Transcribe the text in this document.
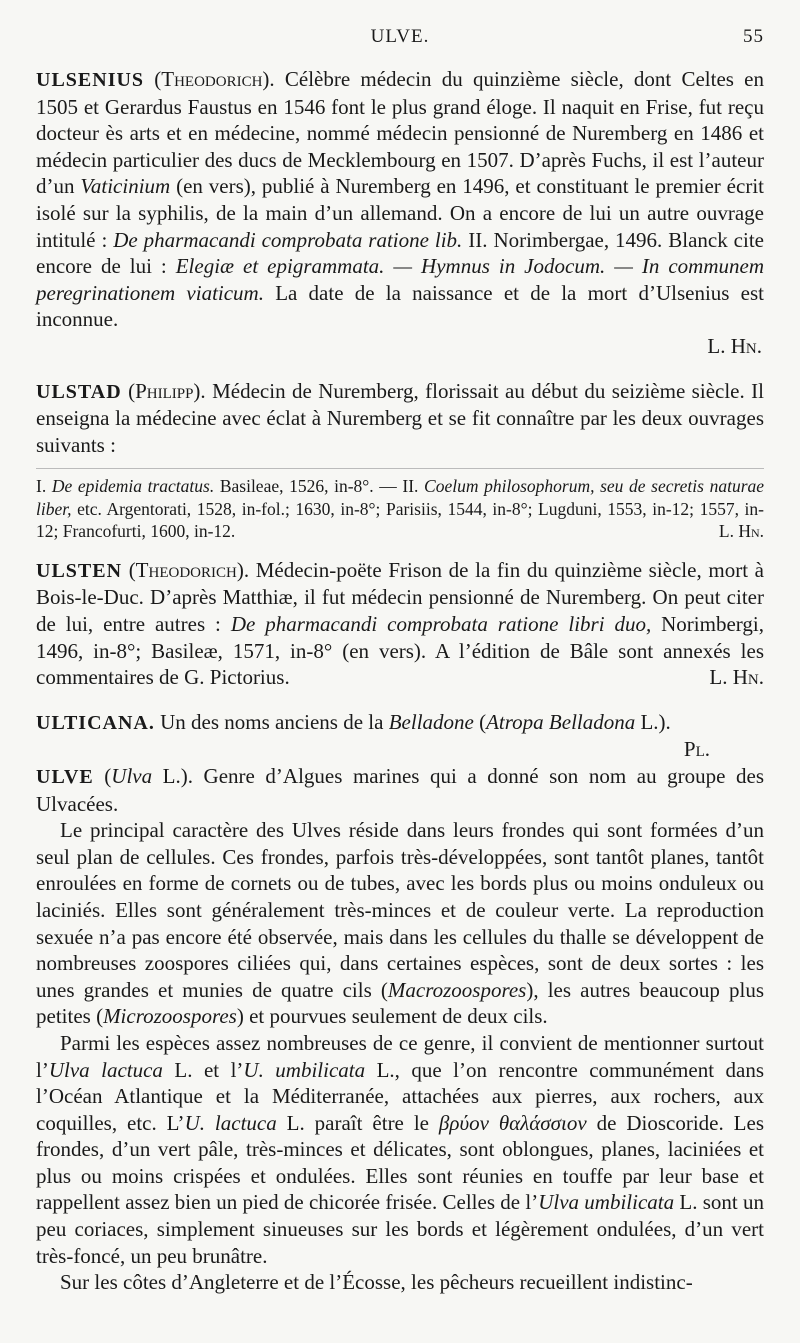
ULVE.	55

ULSENIUS (Theodorich). Célèbre médecin du quinzième siècle, dont Celtes en 1505 et Gerardus Faustus en 1546 font le plus grand éloge. Il naquit en Frise, fut reçu docteur ès arts et en médecine, nommé médecin pensionné de Nuremberg en 1486 et médecin particulier des ducs de Mecklembourg en 1507. D’après Fuchs, il est l’auteur d’un Vaticinium (en vers), publié à Nuremberg en 1496, et constituant le premier écrit isolé sur la syphilis, de la main d’un allemand. On a encore de lui un autre ouvrage intitulé : De pharmacandi comprobata ratione lib. II. Norimbergae, 1496. Blanck cite encore de lui : Elegiæ et epigrammata. — Hymnus in Jodocum. — In communem peregrinationem viaticum. La date de la naissance et de la mort d’Ulsenius est inconnue.

L. Hn.

ULSTAD (Philipp). Médecin de Nuremberg, florissait au début du seizième siècle. Il enseigna la médecine avec éclat à Nuremberg et se fit connaître par les deux ouvrages suivants :

I. De epidemia tractatus. Basileae, 1526, in-8°. — II. Coelum philosophorum, seu de secretis naturae liber, etc. Argentorati, 1528, in-fol.; 1630, in-8°; Parisiis, 1544, in-8°; Lugduni, 1553, in-12; 1557, in-12; Francofurti, 1600, in-12.	L. Hn.

ULSTEN (Theodorich). Médecin-poëte Frison de la fin du quinzième siècle, mort à Bois-le-Duc. D’après Matthiæ, il fut médecin pensionné de Nuremberg. On peut citer de lui, entre autres : De pharmacandi comprobata ratione libri duo, Norimbergi, 1496, in-8°; Basileæ, 1571, in-8° (en vers). A l’édition de Bâle sont annexés les commentaires de G. Pictorius.	L. Hn.

ULTICANA. Un des noms anciens de la Belladone (Atropa Belladona L.).

Pl.

ULVE (Ulva L.). Genre d’Algues marines qui a donné son nom au groupe des Ulvacées.

Le principal caractère des Ulves réside dans leurs frondes qui sont formées d’un seul plan de cellules. Ces frondes, parfois très-développées, sont tantôt planes, tantôt enroulées en forme de cornets ou de tubes, avec les bords plus ou moins onduleux ou laciniés. Elles sont généralement très-minces et de couleur verte. La reproduction sexuée n’a pas encore été observée, mais dans les cellules du thalle se développent de nombreuses zoospores ciliées qui, dans certaines espèces, sont de deux sortes : les unes grandes et munies de quatre cils (Macrozoospores), les autres beaucoup plus petites (Microzoospores) et pourvues seulement de deux cils.

Parmi les espèces assez nombreuses de ce genre, il convient de mentionner surtout l’Ulva lactuca L. et l’U. umbilicata L., que l’on rencontre communément dans l’Océan Atlantique et la Méditerranée, attachées aux pierres, aux rochers, aux coquilles, etc. L’U. lactuca L. paraît être le βρύον θαλάσσιον de Dioscoride. Les frondes, d’un vert pâle, très-minces et délicates, sont oblongues, planes, laciniées et plus ou moins crispées et ondulées. Elles sont réunies en touffe par leur base et rappellent assez bien un pied de chicorée frisée. Celles de l’Ulva umbilicata L. sont un peu coriaces, simplement sinueuses sur les bords et légèrement ondulées, d’un vert très-foncé, un peu brunâtre.

Sur les côtes d’Angleterre et de l’Écosse, les pêcheurs recueillent indistinc-
